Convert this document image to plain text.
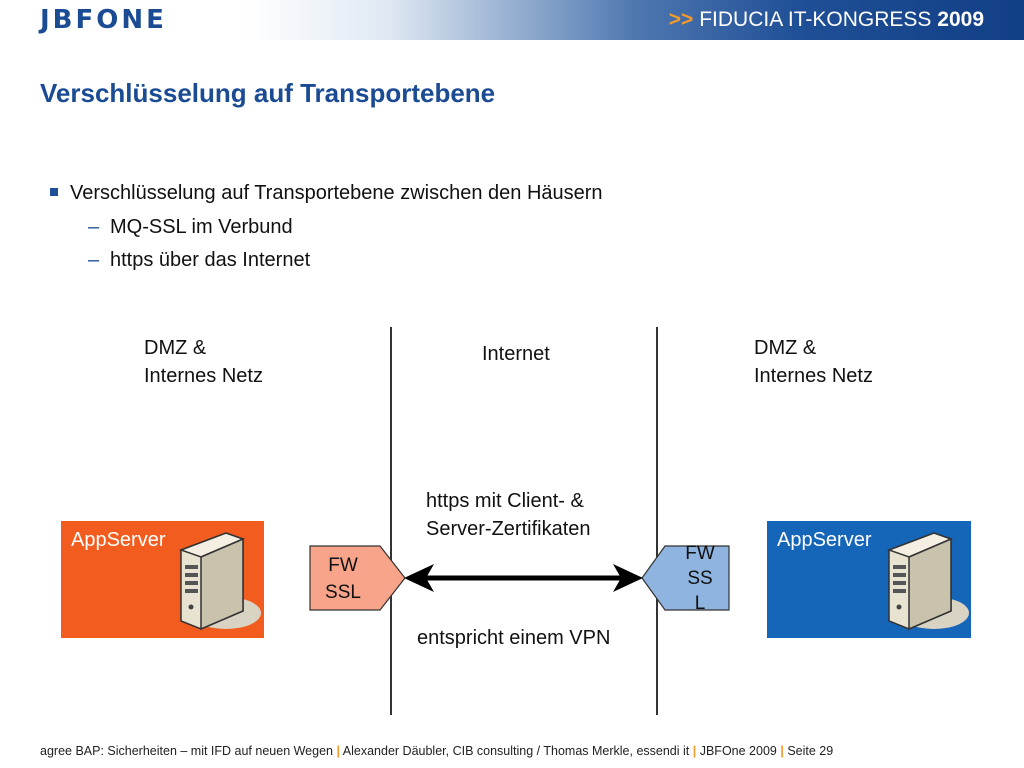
JBFONE	>> FIDUCIA IT-KONGRESS 2009
Verschlüsselung auf Transportebene
Verschlüsselung auf Transportebene zwischen den Häusern
– MQ-SSL im Verbund
– https über das Internet
DMZ &
Internes Netz
Internet	DMZ &
Internes Netz
https mit Client- &
Server-Zertifikaten
AppServer	AppServer
FW
SSL
FW
SS
L
entspricht einem VPN
agree BAP: Sicherheiten – mit IFD auf neuen Wegen | Alexander Däubler, CIB consulting / Thomas Merkle, essendi it | JBFOne 2009 | Seite 29
